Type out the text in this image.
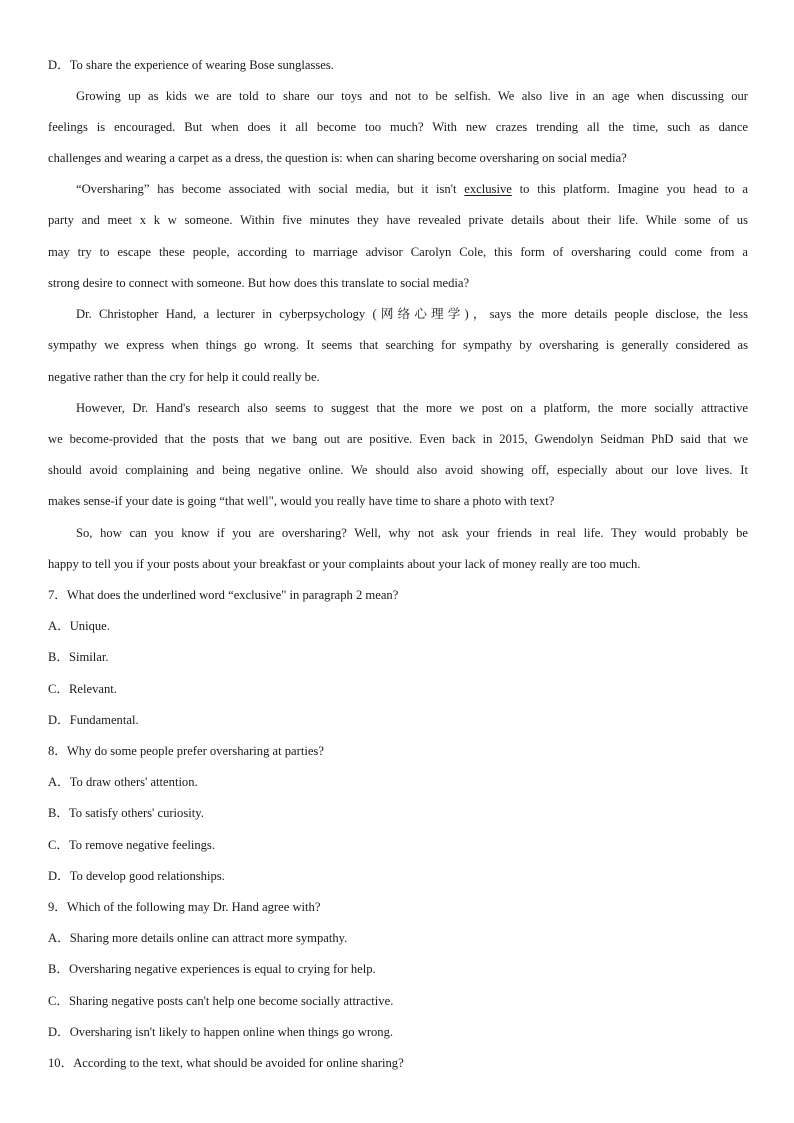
D．To share the experience of wearing Bose sunglasses.
Growing up as kids we are told to share our toys and not to be selfish. We also live in an age when discussing our
feelings is encouraged. But when does it all become too much? With new crazes trending all the time, such as dance
challenges and wearing a carpet as a dress, the question is: when can sharing become oversharing on social media?
“Oversharing” has become associated with social media, but it isn't exclusive to this platform. Imagine you head to a
party and meet x k w someone. Within five minutes they have revealed private details about their life. While some of us
may try to escape these people, according to marriage advisor Carolyn Cole, this form of oversharing could come from a
strong desire to connect with someone. But how does this translate to social media?
Dr. Christopher Hand, a lecturer in cyberpsychology (网络心理学)，says the more details people disclose, the less
sympathy we express when things go wrong. It seems that searching for sympathy by oversharing is generally considered as
negative rather than the cry for help it could really be.
However, Dr. Hand's research also seems to suggest that the more we post on a platform, the more socially attractive
we become-provided that the posts that we bang out are positive. Even back in 2015, Gwendolyn Seidman PhD said that we
should avoid complaining and being negative online. We should also avoid showing off, especially about our love lives. It
makes sense-if your date is going “that well", would you really have time to share a photo with text?
So, how can you know if you are oversharing? Well, why not ask your friends in real life. They would probably be
happy to tell you if your posts about your breakfast or your complaints about your lack of money really are too much.
7．What does the underlined word “exclusive" in paragraph 2 mean?
A．Unique.
B．Similar.
C．Relevant.
D．Fundamental.
8．Why do some people prefer oversharing at parties?
A．To draw others' attention.
B．To satisfy others' curiosity.
C．To remove negative feelings.
D．To develop good relationships.
9．Which of the following may Dr. Hand agree with?
A．Sharing more details online can attract more sympathy.
B．Oversharing negative experiences is equal to crying for help.
C．Sharing negative posts can't help one become socially attractive.
D．Oversharing isn't likely to happen online when things go wrong.
10．According to the text, what should be avoided for online sharing?
